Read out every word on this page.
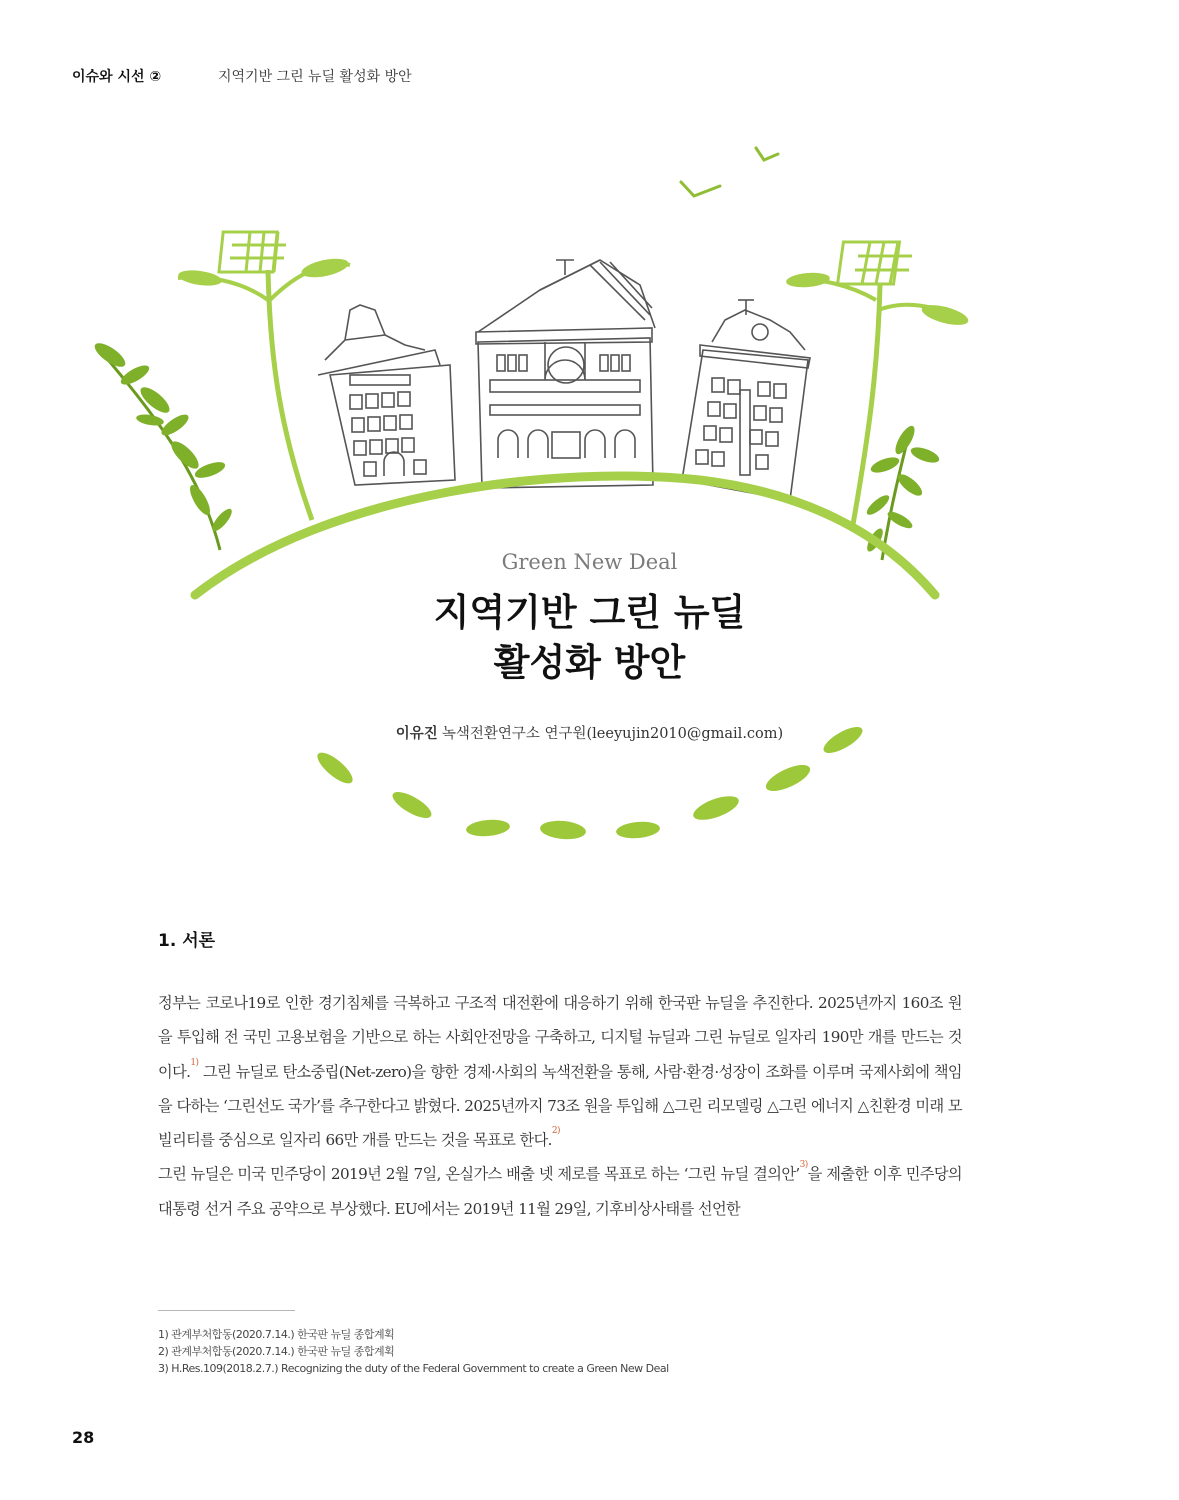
이슈와 시선 ②	지역기반 그린 뉴딜 활성화 방안
Green New Deal
지역기반 그린 뉴딜
활성화 방안
이유진 녹색전환연구소 연구원(leeyujin2010@gmail.com)
1. 서론

정부는 코로나19로 인한 경기침체를 극복하고 구조적 대전환에 대응하기 위해 한국판 뉴딜을 추진한다. 2025년까지 160조 원을 투입해 전 국민 고용보험을 기반으로 하는 사회안전망을 구축하고, 디지털 뉴딜과 그린 뉴딜로 일자리 190만 개를 만드는 것이다.$^{1)}$ 그린 뉴딜로 탄소중립(Net-zero)을 향한 경제·사회의 녹색전환을 통해, 사람·환경·성장이 조화를 이루며 국제사회에 책임을 다하는 ‘그린선도 국가’를 추구한다고 밝혔다. 2025년까지 73조 원을 투입해 △그린 리모델링 △그린 에너지 △친환경 미래 모빌리티를 중심으로 일자리 66만 개를 만드는 것을 목표로 한다.$^{2)}$

그린 뉴딜은 미국 민주당이 2019년 2월 7일, 온실가스 배출 넷 제로를 목표로 하는 ‘그린 뉴딜 결의안’$^{3)}$을 제출한 이후 민주당의 대통령 선거 주요 공약으로 부상했다. EU에서는 2019년 11월 29일, 기후비상사태를 선언한

1) 관계부처합동(2020.7.14.) 한국판 뉴딜 종합계획
2) 관계부처합동(2020.7.14.) 한국판 뉴딜 종합계획
3) H.Res.109(2018.2.7.) Recognizing the duty of the Federal Government to create a Green New Deal
28
